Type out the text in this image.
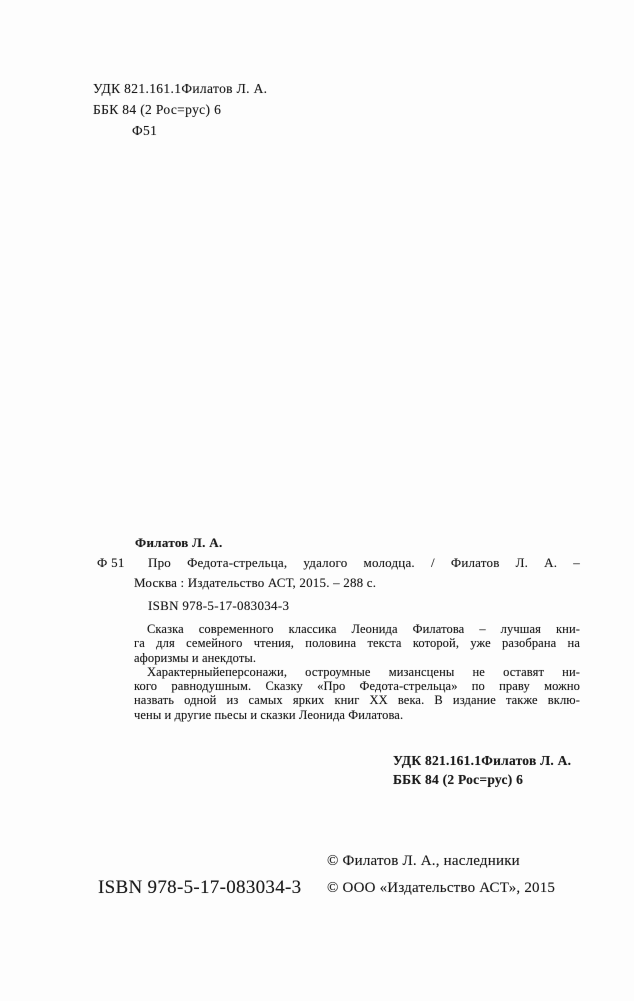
УДК 821.161.1Филатов Л. А.
ББК 84 (2 Рос=рус) 6
Ф51
Филатов Л. А.
Ф 51 Про Федота-стрельца, удалого молодца. / Филатов Л. А. –
Москва : Издательство АСТ, 2015. – 288 с.
ISBN 978-5-17-083034-3
Сказка современного классика Леонида Филатова – лучшая кни-
га для семейного чтения, половина текста которой, уже разобрана на
афоризмы и анекдоты.
Характерныйеперсонажи, остроумные мизансцены не оставят ни-
кого равнодушным. Сказку «Про Федота-стрельца» по праву можно
назвать одной из самых ярких книг XX века. В издание также вклю-
чены и другие пьесы и сказки Леонида Филатова.
УДК 821.161.1Филатов Л. А.
ББК 84 (2 Рос=рус) 6
© Филатов Л. А., наследники
© ООО «Издательство АСТ», 2015
ISBN 978-5-17-083034-3
